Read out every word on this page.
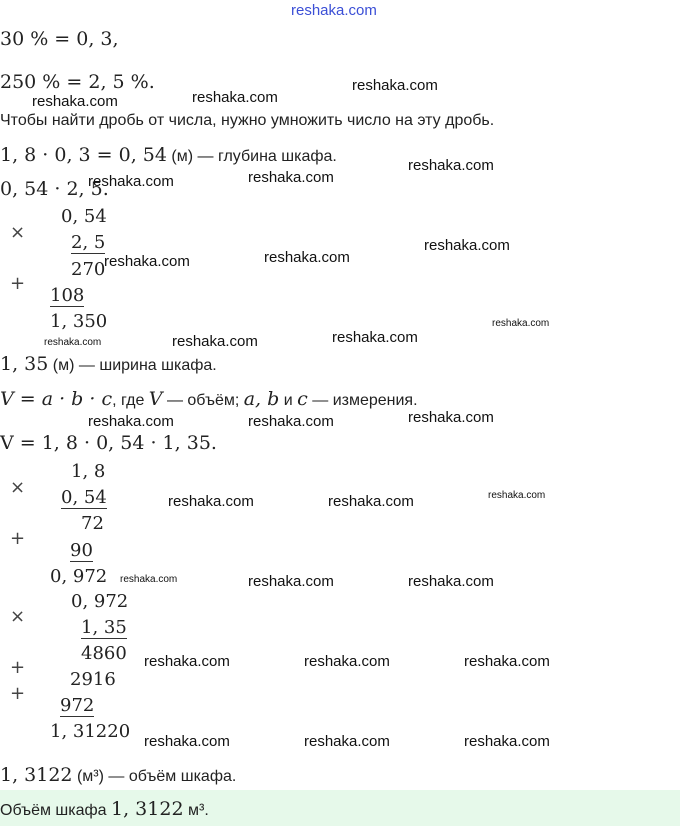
reshaka.com
30 % = 0, 3,
250 % = 2, 5 %.
Чтобы найти дробь от числа, нужно умножить число на эту дробь.
1, 8 · 0, 3 = 0, 54 (м) — глубина шкафа.
0, 54 · 2, 5.
×
0, 54
2, 5
270
+
108
1, 350
1, 35 (м) — ширина шкафа.
V = a · b · c, где V — объём; a, b и c — измерения.
V = 1, 8 · 0, 54 · 1, 35.
×
1, 8
0, 54
72
+
90
0, 972
×
0, 972
1, 35
4860
+
2916
+
972
1, 31220
1, 3122 (м³) — объём шкафа.
Объём шкафа 1, 3122 м³.
reshaka.com
reshaka.com	reshaka.com
reshaka.com
reshaka.com	reshaka.com
reshaka.com
reshaka.com	reshaka.com
reshaka.com
reshaka.com	reshaka.com	reshaka.com
reshaka.com
reshaka.com	reshaka.com
reshaka.com
reshaka.com	reshaka.com
reshaka.com	reshaka.com	reshaka.com
reshaka.com	reshaka.com	reshaka.com
reshaka.com	reshaka.com	reshaka.com
